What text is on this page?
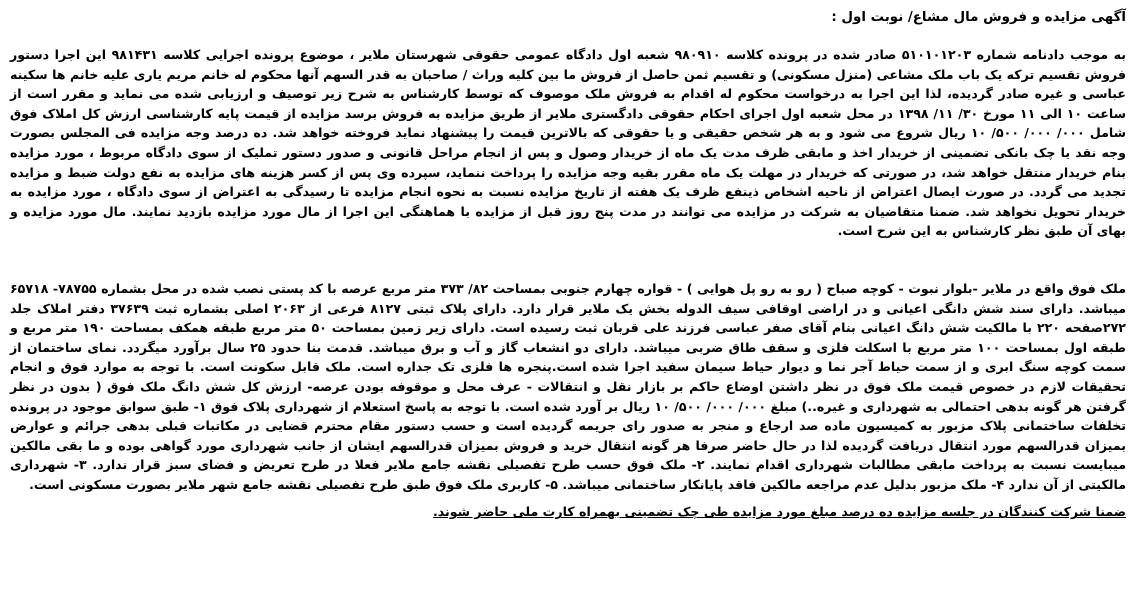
آگهی مزایده و فروش مال مشاع/ نوبت اول :

به موجب دادنامه شماره ۵۱۰۱۰۱۲۰۳ صادر شده در پرونده کلاسه ۹۸۰۹۱۰ شعبه اول دادگاه عمومی حقوقی شهرستان ملایر ، موضوع پرونده اجرایی کلاسه ۹۸۱۴۳۱ این اجرا دستور فروش تقسیم ترکه یک باب ملک مشاعی (منزل مسکونی) و تقسیم ثمن حاصل از فروش ما بین کلیه وراث / صاحبان به قدر السهم آنها محکوم له خانم مریم یاری علیه خانم ها سکینه عباسی و غیره صادر گردیده، لذا این اجرا به درخواست محکوم له اقدام به فروش ملک موصوف که توسط کارشناس به شرح زیر توصیف و ارزیابی شده می نماید و مقرر است از ساعت ۱۰ الی ۱۱ مورخ ۳۰/ ۱۱/ ۱۳۹۸ در محل شعبه اول اجرای احکام حقوقی دادگستری ملایر از طریق مزایده به فروش برسد مزایده از قیمت پایه کارشناسی ارزش کل املاک فوق شامل ۰۰۰/ ۰۰۰/ ۵۰۰/ ۱۰ ریال شروع می شود و به هر شخص حقیقی و یا حقوقی که بالاترین قیمت را پیشنهاد نماید فروخته خواهد شد. ده درصد وجه مزایده فی المجلس بصورت وجه نقد یا چک بانکی تضمینی از خریدار اخذ و مابقی ظرف مدت یک ماه از خریدار وصول و پس از انجام مراحل قانونی و صدور دستور تملیک از سوی دادگاه مربوط ، مورد مزایده بنام خریدار منتقل خواهد شد، در صورتی که خریدار در مهلت یک ماه مقرر بقیه وجه مزایده را پرداخت ننماید، سپرده وی پس از کسر هزینه های مزایده به نفع دولت ضبط و مزایده تجدید می گردد. در صورت ایصال اعتراض از ناحیه اشخاص ذینفع ظرف یک هفته از تاریخ مزایده نسبت به نحوه انجام مزایده تا رسیدگی به اعتراض از سوی دادگاه ، مورد مزایده به خریدار تحویل نخواهد شد. ضمنا متقاضیان به شرکت در مزایده می توانند در مدت پنج روز قبل از مزایده با هماهنگی این اجرا از مال مورد مزایده بازدید نمایند. مال مورد مزایده و بهای آن طبق نظر کارشناس به این شرح است.

ملک فوق واقع در ملایر -بلوار نبوت - کوچه صباح ( رو به رو پل هوایی ) - قواره چهارم جنوبی بمساحت ۸۲/ ۳۷۳ متر مربع عرصه با کد پستی نصب شده در محل بشماره ۷۸۷۵۵- ۶۵۷۱۸ میباشد. دارای سند شش دانگی اعیانی و در اراضی اوقافی سیف الدوله بخش یک ملایر قرار دارد. دارای پلاک ثبتی ۸۱۲۷ فرعی از ۲۰۶۳ اصلی بشماره ثبت ۳۷۶۳۹ دفتر املاک جلد ۲۷۲صفحه ۲۲۰ با مالکیت شش دانگ اعیانی بنام آقای صفر عباسی فرزند علی قربان ثبت رسیده است. دارای زیر زمین بمساحت ۵۰ متر مربع طبقه همکف بمساحت ۱۹۰ متر مربع و طبقه اول بمساحت ۱۰۰ متر مربع با اسکلت فلزی و سقف طاق ضربی میباشد. دارای دو انشعاب گاز و آب و برق میباشد. قدمت بنا حدود ۲۵ سال برآورد میگردد. نمای ساختمان از سمت کوچه سنگ ابری و از سمت حیاط آجر نما و دیوار حیاط سیمان سفید اجرا شده است.پنجره ها فلزی تک جداره است. ملک قابل سکونت است. با توجه به موارد فوق و انجام تحقیقات لازم در خصوص قیمت ملک فوق در نظر داشتن اوضاع حاکم بر بازار نقل و انتقالات - عرف محل و موقوفه بودن عرصه- ارزش کل شش دانگ ملک فوق ( بدون در نظر گرفتن هر گونه بدهی احتمالی به شهرداری و غیره..) مبلغ ۰۰۰/ ۰۰۰/ ۵۰۰/ ۱۰ ریال بر آورد شده است. با توجه به پاسخ استعلام از شهرداری پلاک فوق ۱- طبق سوابق موجود در پرونده تخلفات ساختمانی پلاک مزبور به کمیسیون ماده صد ارجاع و منجر به صدور رای جریمه گردیده است و حسب دستور مقام محترم قضایی در مکاتبات قبلی بدهی جرائم و عوارض بمیزان قدرالسهم مورد انتقال دریافت گردیده لذا در حال حاضر صرفا هر گونه انتقال خرید و فروش بمیزان قدرالسهم ایشان از جانب شهرداری مورد گواهی بوده و ما بقی مالکین میبایست نسبت به پرداخت مابقی مطالبات شهرداری اقدام نمایند. ۲- ملک فوق حسب طرح تفصیلی نقشه جامع ملایر فعلا در طرح تعریض و فضای سبز قرار ندارد. ۳- شهرداری مالکیتی از آن ندارد ۴- ملک مزبور بدلیل عدم مراجعه مالکین فاقد پایانکار ساختمانی میباشد. ۵- کاربری ملک فوق طبق طرح تفصیلی نقشه جامع شهر ملایر بصورت مسکونی است.

ضمنا شرکت کنندگان در جلسه مزایده ده درصد مبلغ مورد مزایده طی چک تضمینی بهمراه کارت ملی حاضر شوند.
